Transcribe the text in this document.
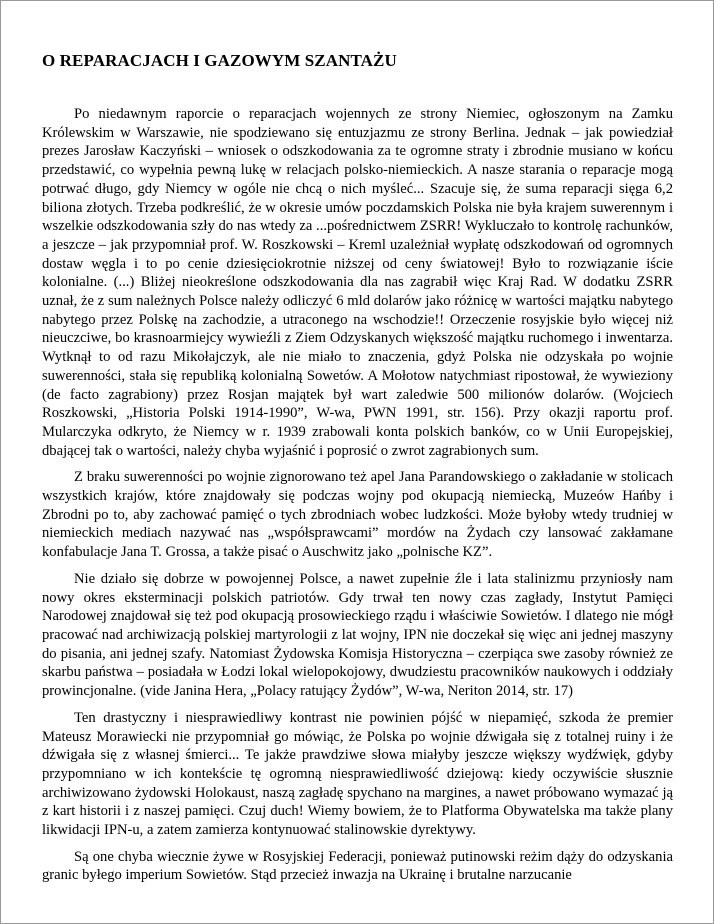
O REPARACJACH I GAZOWYM SZANTAŻU

Po niedawnym raporcie o reparacjach wojennych ze strony Niemiec, ogłoszonym na Zamku Królewskim w Warszawie, nie spodziewano się entuzjazmu ze strony Berlina. Jednak – jak powiedział prezes Jarosław Kaczyński – wniosek o odszkodowania za te ogromne straty i zbrodnie musiano w końcu przedstawić, co wypełnia pewną lukę w relacjach polsko-niemieckich. A nasze starania o reparacje mogą potrwać długo, gdy Niemcy w ogóle nie chcą o nich myśleć... Szacuje się, że suma reparacji sięga 6,2 biliona złotych. Trzeba podkreślić, że w okresie umów poczdamskich Polska nie była krajem suwerennym i wszelkie odszkodowania szły do nas wtedy za ...pośrednictwem ZSRR! Wykluczało to kontrolę rachunków, a jeszcze – jak przypomniał prof. W. Roszkowski – Kreml uzależniał wypłatę odszkodowań od ogromnych dostaw węgla i to po cenie dziesięciokrotnie niższej od ceny światowej! Było to rozwiązanie iście kolonialne. (...) Bliżej nieokreślone odszkodowania dla nas zagrabił więc Kraj Rad. W dodatku ZSRR uznał, że z sum należnych Polsce należy odliczyć 6 mld dolarów jako różnicę w wartości majątku nabytego nabytego przez Polskę na zachodzie, a utraconego na wschodzie!! Orzeczenie rosyjskie było więcej niż nieuczciwe, bo krasnoarmiejcy wywieźli z Ziem Odzyskanych większość majątku ruchomego i inwentarza. Wytknął to od razu Mikołajczyk, ale nie miało to znaczenia, gdyż Polska nie odzyskała po wojnie suwerenności, stała się republiką kolonialną Sowetów. A Mołotow natychmiast ripostował, że wywieziony (de facto zagrabiony) przez Rosjan majątek był wart zaledwie 500 milionów dolarów. (Wojciech Roszkowski, „Historia Polski 1914-1990”, W-wa, PWN 1991, str. 156). Przy okazji raportu prof. Mularczyka odkryto, że Niemcy w r. 1939 zrabowali konta polskich banków, co w Unii Europejskiej, dbającej tak o wartości, należy chyba wyjaśnić i poprosić o zwrot zagrabionych sum.

Z braku suwerenności po wojnie zignorowano też apel Jana Parandowskiego o zakładanie w stolicach wszystkich krajów, które znajdowały się podczas wojny pod okupacją niemiecką, Muzeów Hańby i Zbrodni po to, aby zachować pamięć o tych zbrodniach wobec ludzkości. Może byłoby wtedy trudniej w niemieckich mediach nazywać nas „współsprawcami” mordów na Żydach czy lansować zakłamane konfabulacje Jana T. Grossa, a także pisać o Auschwitz jako „polnische KZ”.

Nie działo się dobrze w powojennej Polsce, a nawet zupełnie źle i lata stalinizmu przyniosły nam nowy okres eksterminacji polskich patriotów. Gdy trwał ten nowy czas zagłady, Instytut Pamięci Narodowej znajdował się też pod okupacją prosowieckiego rządu i właściwie Sowietów. I dlatego nie mógł pracować nad archiwizacją polskiej martyrologii z lat wojny, IPN nie doczekał się więc ani jednej maszyny do pisania, ani jednej szafy. Natomiast Żydowska Komisja Historyczna – czerpiąca swe zasoby również ze skarbu państwa – posiadała w Łodzi lokal wielopokojowy, dwudziestu pracowników naukowych i oddziały prowincjonalne. (vide Janina Hera, „Polacy ratujący Żydów”, W-wa, Neriton 2014, str. 17)

Ten drastyczny i niesprawiedliwy kontrast nie powinien pójść w niepamięć, szkoda że premier Mateusz Morawiecki nie przypomniał go mówiąc, że Polska po wojnie dźwigała się z totalnej ruiny i że dźwigała się z własnej śmierci... Te jakże prawdziwe słowa miałyby jeszcze większy wydźwięk, gdyby przypomniano w ich kontekście tę ogromną niesprawiedliwość dziejową: kiedy oczywiście słusznie archiwizowano żydowski Holokaust, naszą zagładę spychano na margines, a nawet próbowano wymazać ją z kart historii i z naszej pamięci. Czuj duch! Wiemy bowiem, że to Platforma Obywatelska ma także plany likwidacji IPN-u, a zatem zamierza kontynuować stalinowskie dyrektywy.

Są one chyba wiecznie żywe w Rosyjskiej Federacji, ponieważ putinowski reżim dąży do odzyskania granic byłego imperium Sowietów. Stąd przecież inwazja na Ukrainę i brutalne narzucanie
